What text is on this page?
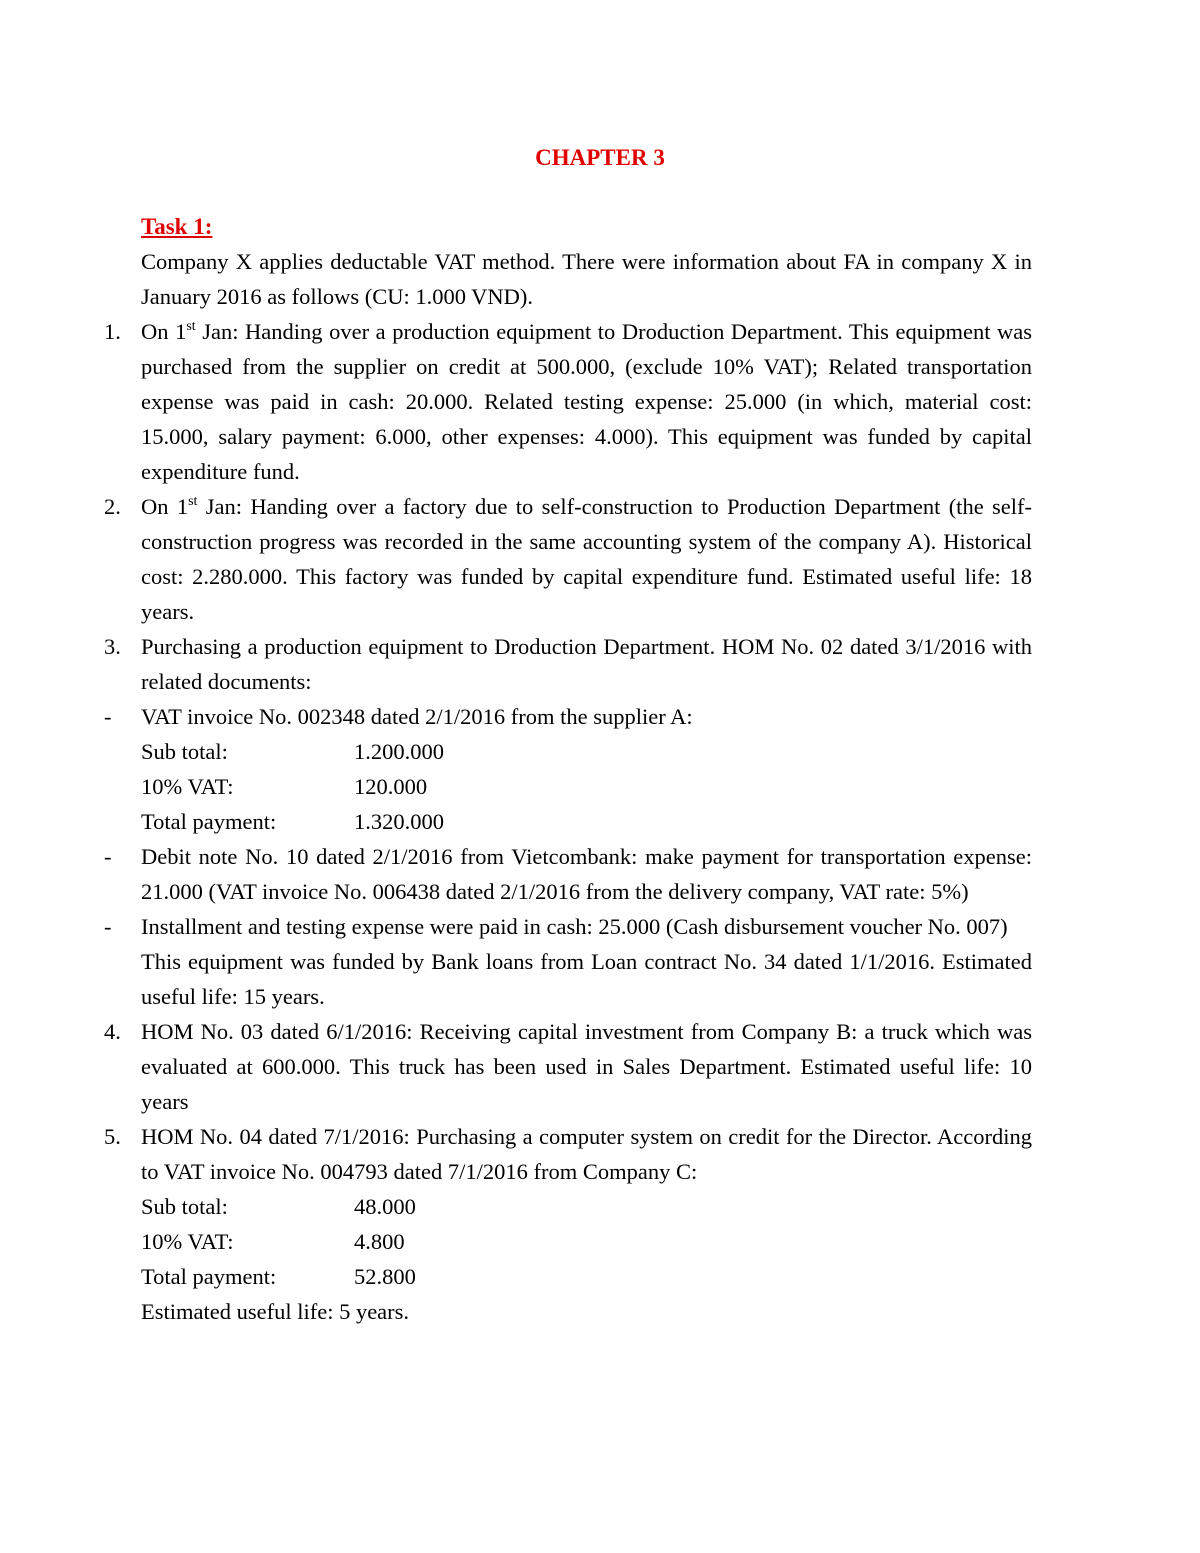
CHAPTER 3
Task 1:

Company X applies deductable VAT method. There were information about FA in company X in January 2016 as follows (CU: 1.000 VND).

1. On 1st Jan: Handing over a production equipment to Droduction Department. This equipment was purchased from the supplier on credit at 500.000, (exclude 10% VAT); Related transportation expense was paid in cash: 20.000. Related testing expense: 25.000 (in which, material cost: 15.000, salary payment: 6.000, other expenses: 4.000). This equipment was funded by capital expenditure fund.
2. On 1st Jan: Handing over a factory due to self-construction to Production Department (the self-construction progress was recorded in the same accounting system of the company A). Historical cost: 2.280.000. This factory was funded by capital expenditure fund. Estimated useful life: 18 years.
3. Purchasing a production equipment to Droduction Department. HOM No. 02 dated 3/1/2016 with related documents:
- VAT invoice No. 002348 dated 2/1/2016 from the supplier A:
Sub total:	1.200.000
10% VAT:	120.000
Total payment:	1.320.000
- Debit note No. 10 dated 2/1/2016 from Vietcombank: make payment for transportation expense: 21.000 (VAT invoice No. 006438 dated 2/1/2016 from the delivery company, VAT rate: 5%)
- Installment and testing expense were paid in cash: 25.000 (Cash disbursement voucher No. 007)

This equipment was funded by Bank loans from Loan contract No. 34 dated 1/1/2016. Estimated useful life: 15 years.

4. HOM No. 03 dated 6/1/2016: Receiving capital investment from Company B: a truck which was evaluated at 600.000. This truck has been used in Sales Department. Estimated useful life: 10 years
5. HOM No. 04 dated 7/1/2016: Purchasing a computer system on credit for the Director. According to VAT invoice No. 004793 dated 7/1/2016 from Company C:
Sub total:	48.000
10% VAT:	4.800
Total payment:	52.800

Estimated useful life: 5 years.
